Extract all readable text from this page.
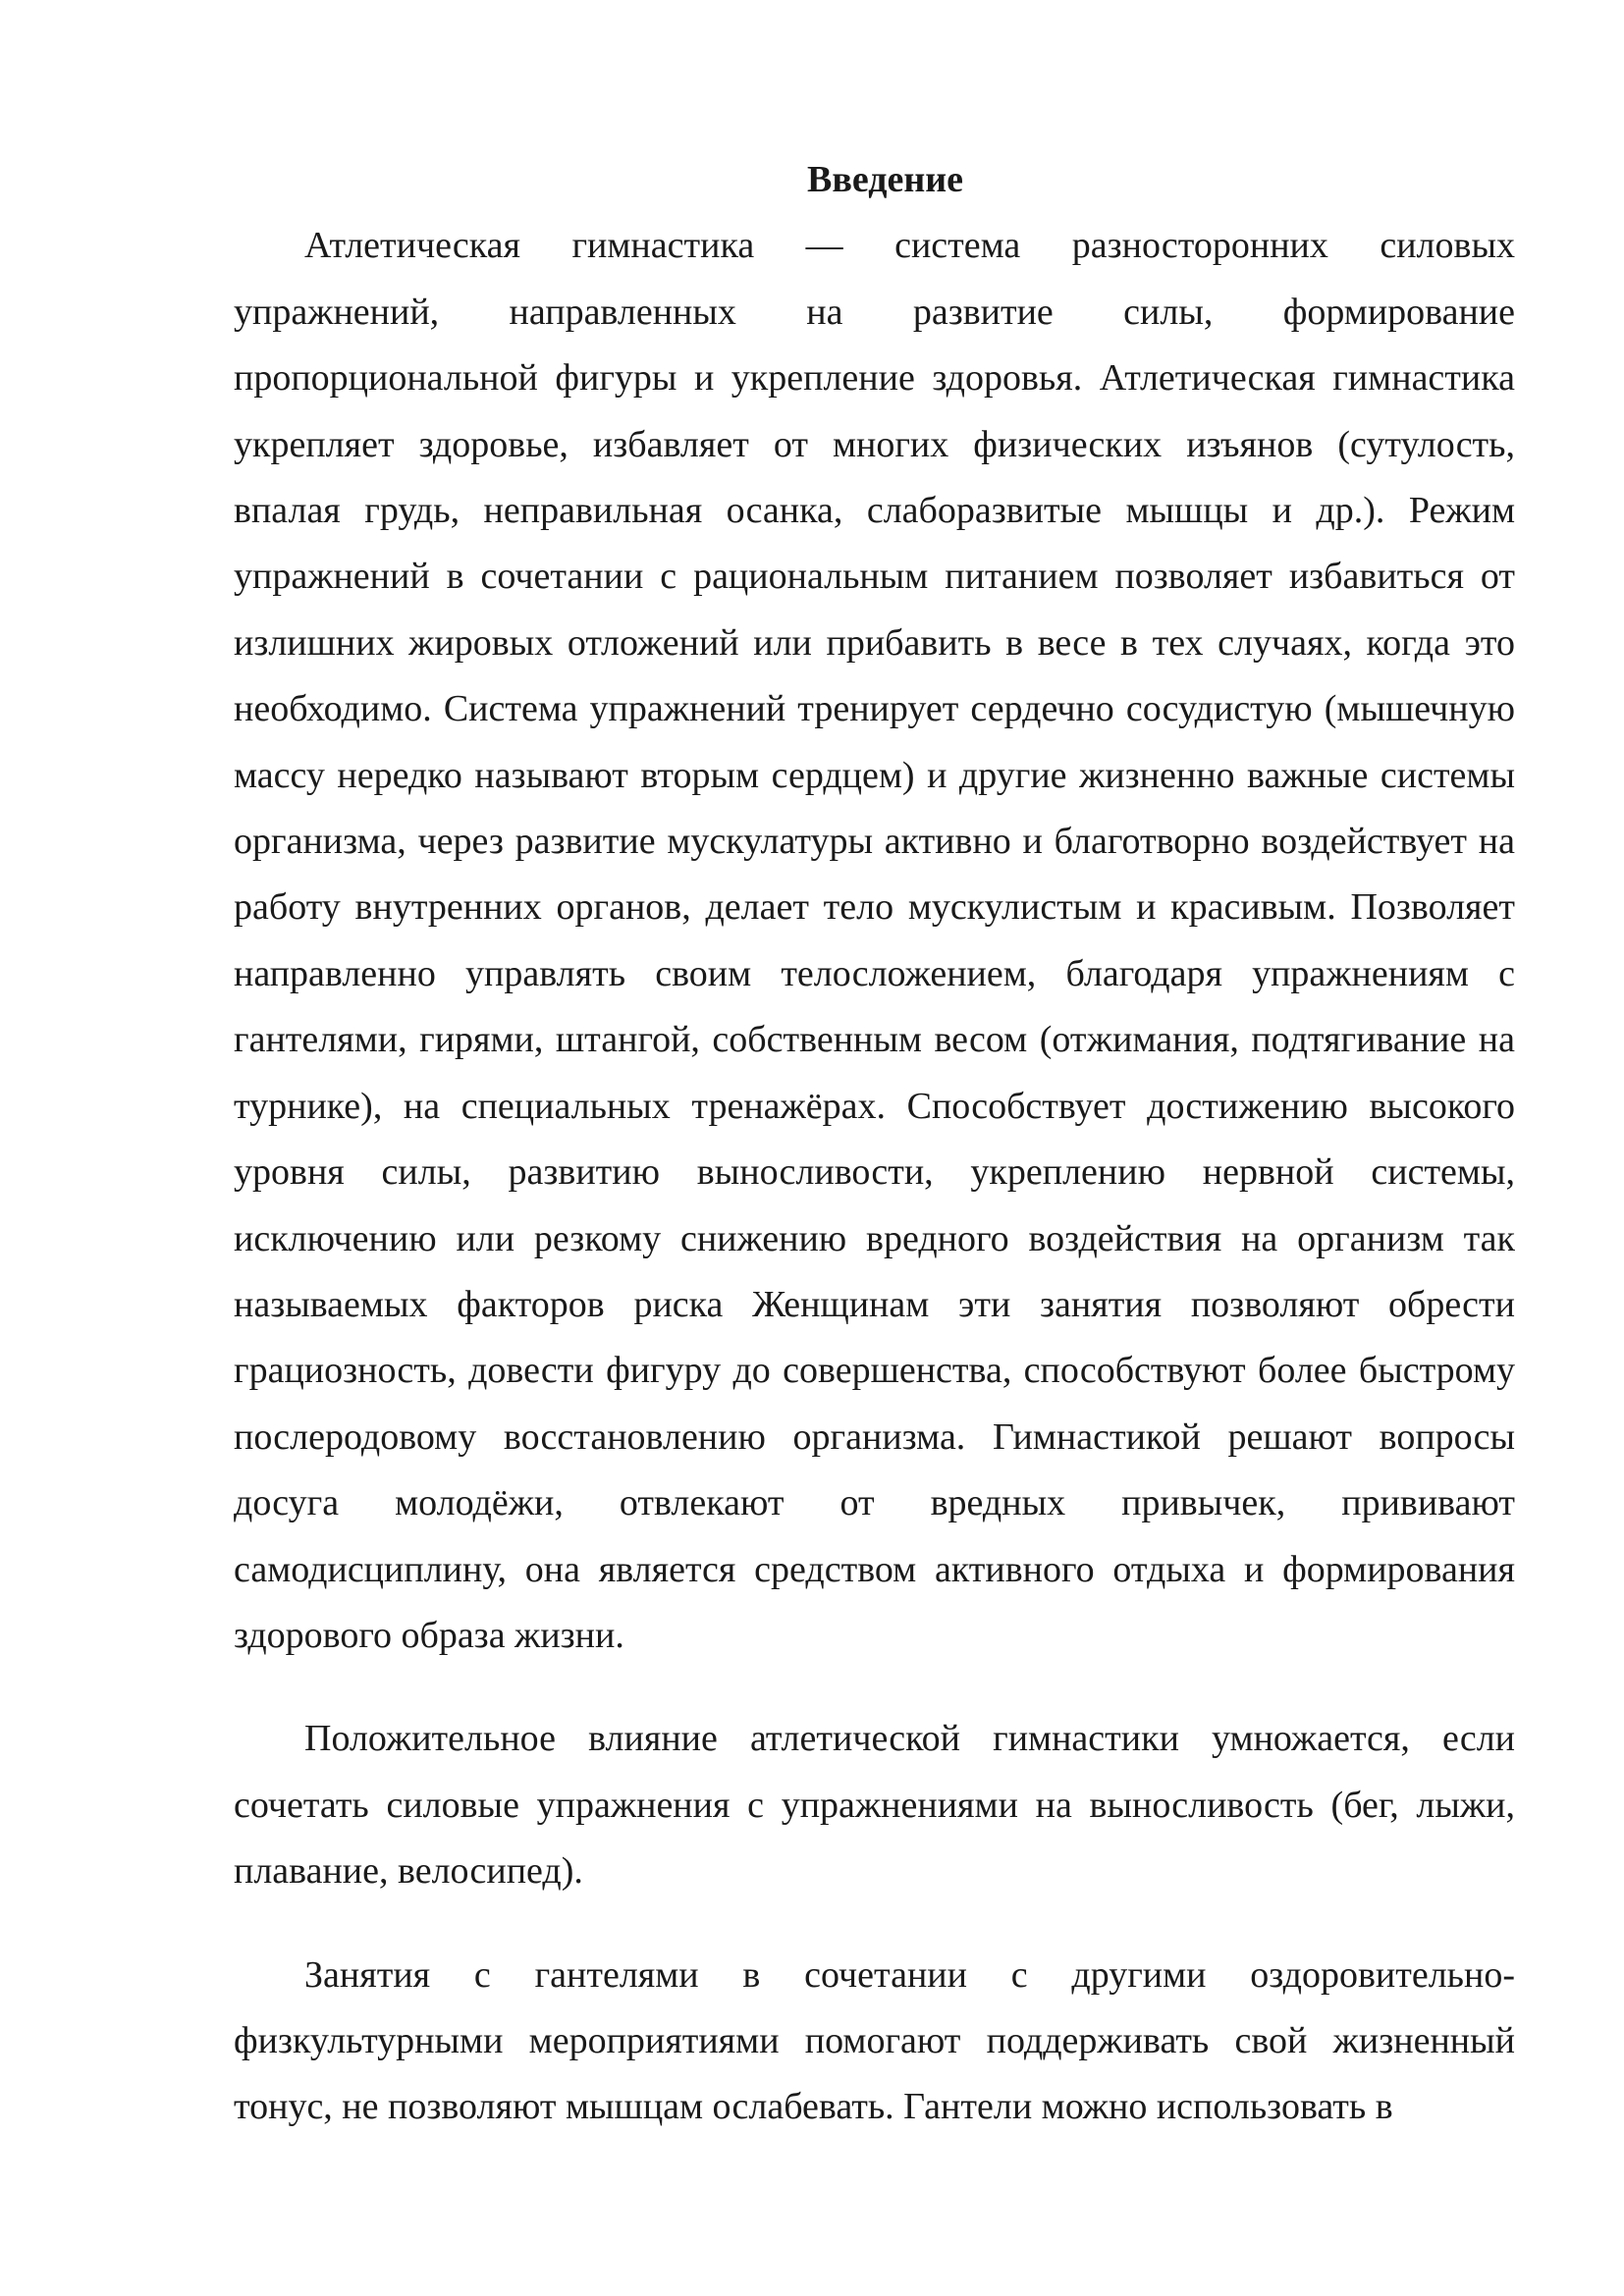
Введение

Атлетическая гимнастика — система разносторонних силовых упражнений, направленных на развитие силы, формирование пропорциональной фигуры и укрепление здоровья. Атлетическая гимнастика укрепляет здоровье, избавляет от многих физических изъянов (сутулость, впалая грудь, неправильная осанка, слаборазвитые мышцы и др.). Режим упражнений в сочетании с рациональным питанием позволяет избавиться от излишних жировых отложений или прибавить в весе в тех случаях, когда это необходимо. Система упражнений тренирует сердечно сосудистую (мышечную массу нередко называют вторым сердцем) и другие жизненно важные системы организма, через развитие мускулатуры активно и благотворно воздействует на работу внутренних органов, делает тело мускулистым и красивым. Позволяет направленно управлять своим телосложением, благодаря упражнениям с гантелями, гирями, штангой, собственным весом (отжимания, подтягивание на турнике), на специальных тренажёрах. Способствует достижению высокого уровня силы, развитию выносливости, укреплению нервной системы, исключению или резкому снижению вредного воздействия на организм так называемых факторов риска Женщинам эти занятия позволяют обрести грациозность, довести фигуру до совершенства, способствуют более быстрому послеродовому восстановлению организма. Гимнастикой решают вопросы досуга молодёжи, отвлекают от вредных привычек, прививают самодисциплину, она является средством активного отдыха и формирования здорового образа жизни.

Положительное влияние атлетической гимнастики умножается, если сочетать силовые упражнения с упражнениями на выносливость (бег, лыжи, плавание, велосипед).

Занятия с гантелями в сочетании с другими оздоровительно-физкультурными мероприятиями помогают поддерживать свой жизненный тонус, не позволяют мышцам ослабевать. Гантели можно использовать в
